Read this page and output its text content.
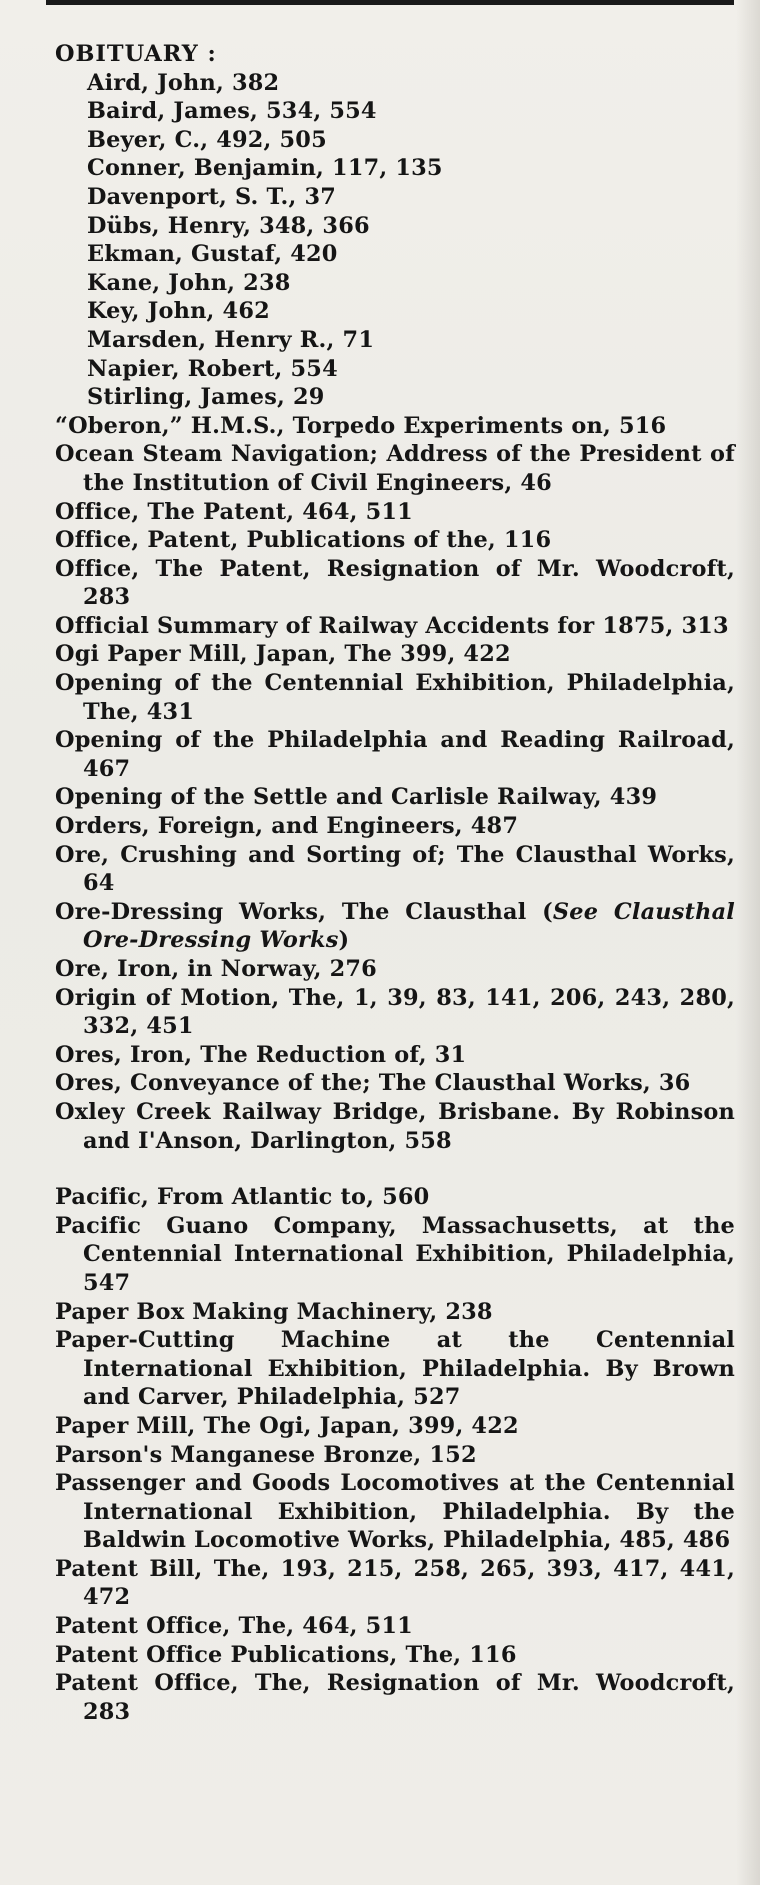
OBITUARY :
Aird, John, 382
Baird, James, 534, 554
Beyer, C., 492, 505
Conner, Benjamin, 117, 135
Davenport, S. T., 37
Dübs, Henry, 348, 366
Ekman, Gustaf, 420
Kane, John, 238
Key, John, 462
Marsden, Henry R., 71
Napier, Robert, 554
Stirling, James, 29
“Oberon,” H.M.S., Torpedo Experiments on, 516
Ocean Steam Navigation; Address of the President of the Institution of Civil Engineers, 46
Office, The Patent, 464, 511
Office, Patent, Publications of the, 116
Office, The Patent, Resignation of Mr. Woodcroft, 283
Official Summary of Railway Accidents for 1875, 313
Ogi Paper Mill, Japan, The 399, 422
Opening of the Centennial Exhibition, Philadelphia, The, 431
Opening of the Philadelphia and Reading Railroad, 467
Opening of the Settle and Carlisle Railway, 439
Orders, Foreign, and Engineers, 487
Ore, Crushing and Sorting of; The Clausthal Works, 64
Ore-Dressing Works, The Clausthal (See Clausthal Ore-Dressing Works)
Ore, Iron, in Norway, 276
Origin of Motion, The, 1, 39, 83, 141, 206, 243, 280, 332, 451
Ores, Iron, The Reduction of, 31
Ores, Conveyance of the; The Clausthal Works, 36
Oxley Creek Railway Bridge, Brisbane. By Robinson and I'Anson, Darlington, 558
Pacific, From Atlantic to, 560
Pacific Guano Company, Massachusetts, at the Centennial International Exhibition, Philadelphia, 547
Paper Box Making Machinery, 238
Paper-Cutting Machine at the Centennial International Exhibition, Philadelphia. By Brown and Carver, Philadelphia, 527
Paper Mill, The Ogi, Japan, 399, 422
Parson's Manganese Bronze, 152
Passenger and Goods Locomotives at the Centennial International Exhibition, Philadelphia. By the Baldwin Locomotive Works, Philadelphia, 485, 486
Patent Bill, The, 193, 215, 258, 265, 393, 417, 441, 472
Patent Office, The, 464, 511
Patent Office Publications, The, 116
Patent Office, The, Resignation of Mr. Woodcroft, 283
